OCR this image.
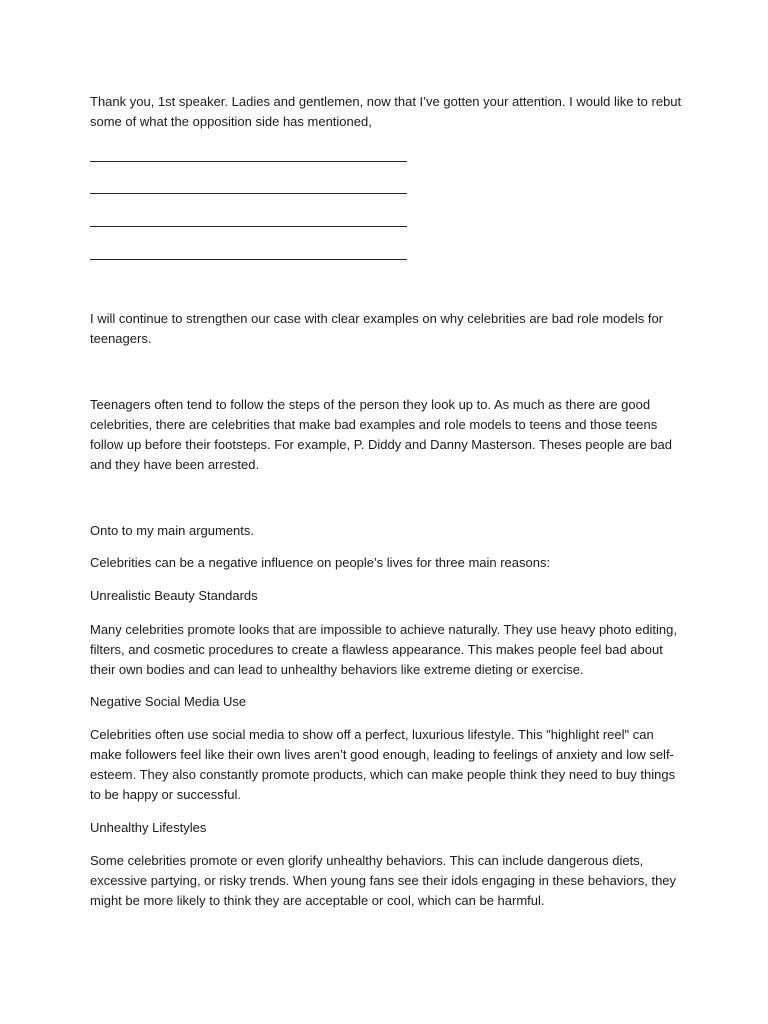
Thank you, 1st speaker. Ladies and gentlemen, now that I’ve gotten your attention. I would like to rebut some of what the opposition side has mentioned,

I will continue to strengthen our case with clear examples on why celebrities are bad role models for teenagers.

Teenagers often tend to follow the steps of the person they look up to. As much as there are good celebrities, there are celebrities that make bad examples and role models to teens and those teens follow up before their footsteps. For example, P. Diddy and Danny Masterson. Theses people are bad and they have been arrested.

Onto to my main arguments.

Celebrities can be a negative influence on people’s lives for three main reasons:

Unrealistic Beauty Standards

Many celebrities promote looks that are impossible to achieve naturally. They use heavy photo editing, filters, and cosmetic procedures to create a flawless appearance. This makes people feel bad about their own bodies and can lead to unhealthy behaviors like extreme dieting or exercise.

Negative Social Media Use

Celebrities often use social media to show off a perfect, luxurious lifestyle. This "highlight reel" can make followers feel like their own lives aren’t good enough, leading to feelings of anxiety and low self-esteem. They also constantly promote products, which can make people think they need to buy things to be happy or successful.

Unhealthy Lifestyles

Some celebrities promote or even glorify unhealthy behaviors. This can include dangerous diets, excessive partying, or risky trends. When young fans see their idols engaging in these behaviors, they might be more likely to think they are acceptable or cool, which can be harmful.
